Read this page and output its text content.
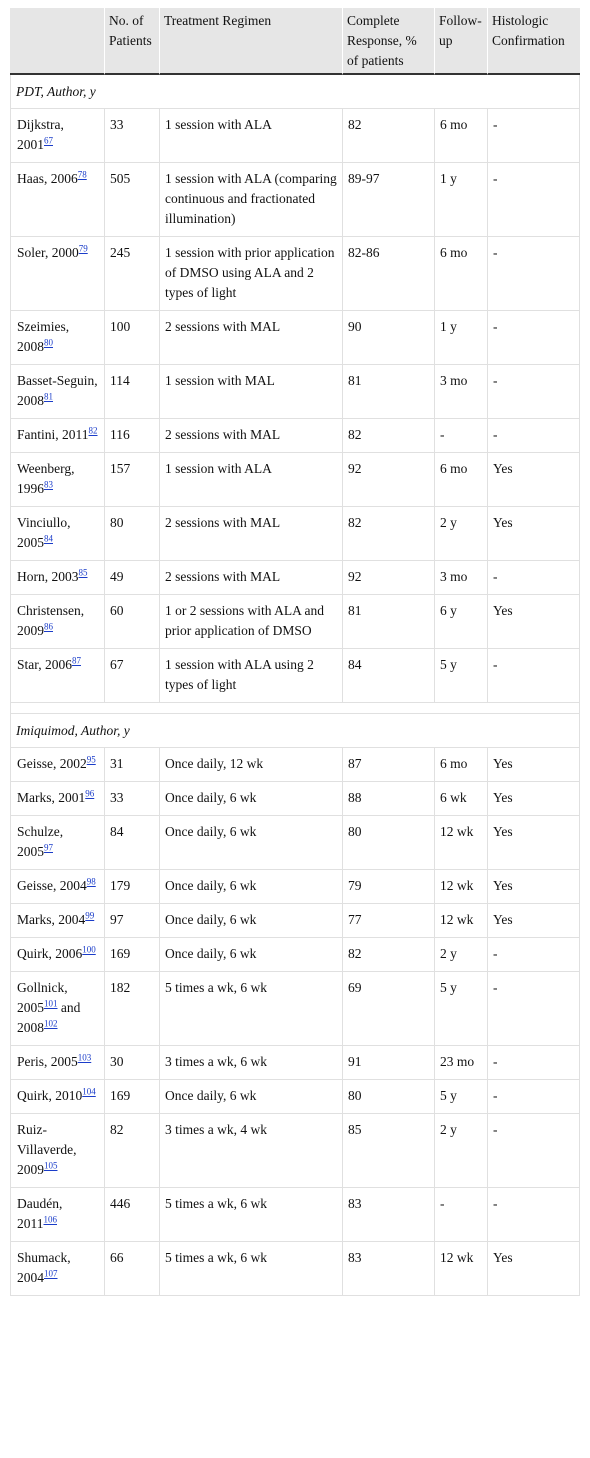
	No. of Patients	Treatment Regimen	Complete Response, % of patients	Follow-up	Histologic Confirmation
PDT, Author, y					
Dijkstra, 2001$^{67}$	33	1 session with ALA	82	6 mo	-
Haas, 2006$^{78}$	505	1 session with ALA (comparing continuous and fractionated illumination)	89-97	1 y	-
Soler, 2000$^{79}$	245	1 session with prior application of DMSO using ALA and 2 types of light	82-86	6 mo	-
Szeimies, 2008$^{80}$	100	2 sessions with MAL	90	1 y	-
Basset-Seguin, 2008$^{81}$	114	1 session with MAL	81	3 mo	-
Fantini, 2011$^{82}$	116	2 sessions with MAL	82	-	-
Weenberg, 1996$^{83}$	157	1 session with ALA	92	6 mo	Yes
Vinciullo, 2005$^{84}$	80	2 sessions with MAL	82	2 y	Yes
Horn, 2003$^{85}$	49	2 sessions with MAL	92	3 mo	-
Christensen, 2009$^{86}$	60	1 or 2 sessions with ALA and prior application of DMSO	81	6 y	Yes
Star, 2006$^{87}$	67	1 session with ALA using 2 types of light	84	5 y	-

Imiquimod, Author, y					
Geisse, 2002$^{95}$	31	Once daily, 12 wk	87	6 mo	Yes
Marks, 2001$^{96}$	33	Once daily, 6 wk	88	6 wk	Yes
Schulze, 2005$^{97}$	84	Once daily, 6 wk	80	12 wk	Yes
Geisse, 2004$^{98}$	179	Once daily, 6 wk	79	12 wk	Yes
Marks, 2004$^{99}$	97	Once daily, 6 wk	77	12 wk	Yes
Quirk, 2006$^{100}$	169	Once daily, 6 wk	82	2 y	-
Gollnick, 2005$^{101}$ and 2008$^{102}$	182	5 times a wk, 6 wk	69	5 y	-
Peris, 2005$^{103}$	30	3 times a wk, 6 wk	91	23 mo	-
Quirk, 2010$^{104}$	169	Once daily, 6 wk	80	5 y	-
Ruiz-Villaverde, 2009$^{105}$	82	3 times a wk, 4 wk	85	2 y	-
Daudén, 2011$^{106}$	446	5 times a wk, 6 wk	83	-	-
Shumack, 2004$^{107}$	66	5 times a wk, 6 wk	83	12 wk	Yes
